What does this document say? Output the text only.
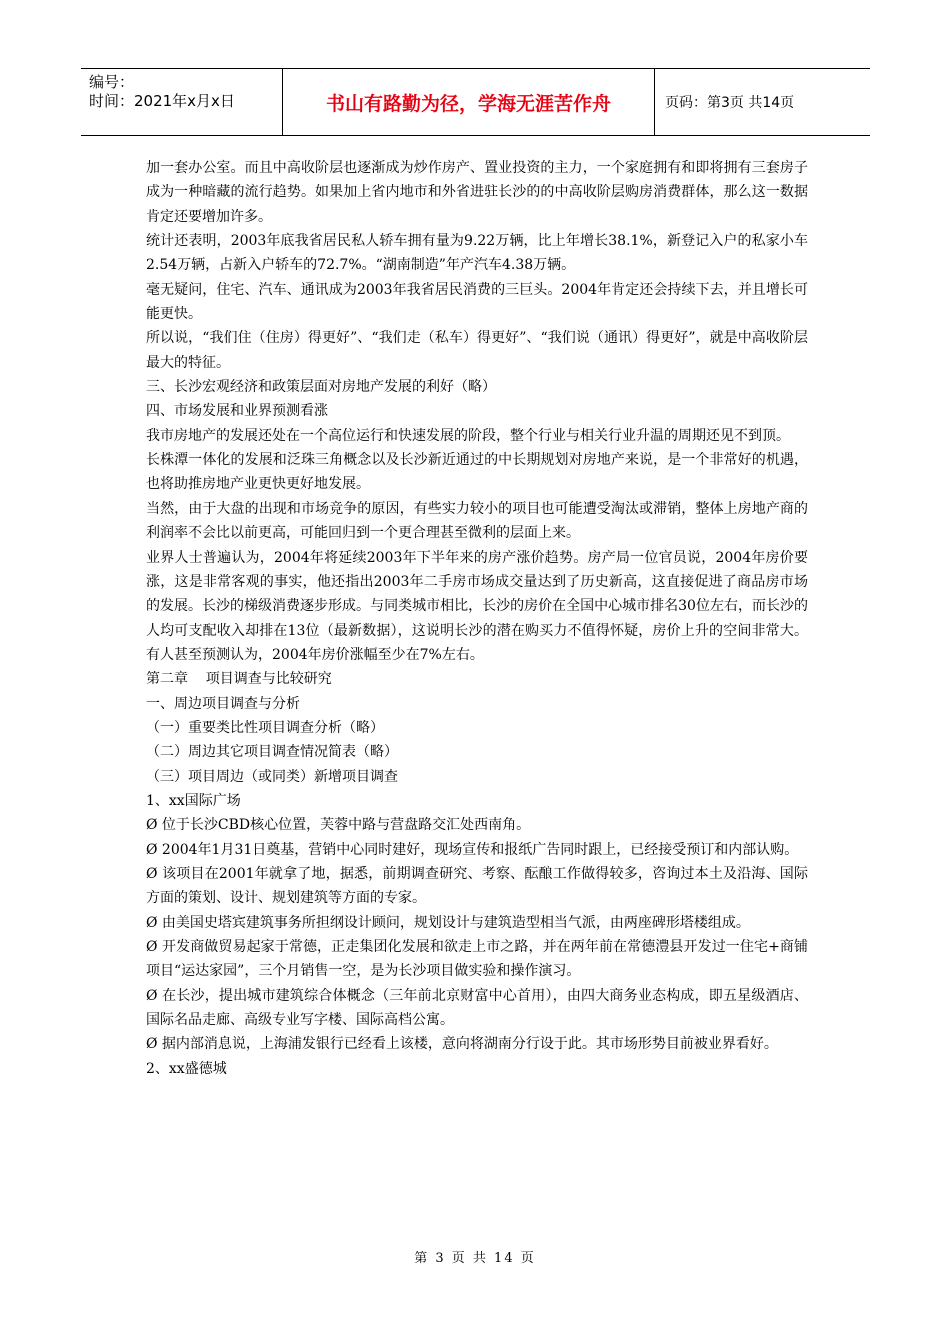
编号：
时间：2021年x月x日	书山有路勤为径，学海无涯苦作舟	页码：第3页 共14页

加一套办公室。而且中高收阶层也逐渐成为炒作房产、置业投资的主力，一个家庭拥有和即将拥有三套房子成为一种暗藏的流行趋势。如果加上省内地市和外省进驻长沙的的中高收阶层购房消费群体，那么这一数据肯定还要增加许多。

统计还表明，2003年底我省居民私人轿车拥有量为9.22万辆，比上年增长38.1%，新登记入户的私家小车2.54万辆，占新入户轿车的72.7%。“湖南制造”年产汽车4.38万辆。

毫无疑问，住宅、汽车、通讯成为2003年我省居民消费的三巨头。2004年肯定还会持续下去，并且增长可能更快。

所以说，“我们住（住房）得更好”、“我们走（私车）得更好”、“我们说（通讯）得更好”，就是中高收阶层最大的特征。

三、长沙宏观经济和政策层面对房地产发展的利好（略）

四、市场发展和业界预测看涨

我市房地产的发展还处在一个高位运行和快速发展的阶段，整个行业与相关行业升温的周期还见不到顶。

长株潭一体化的发展和泛珠三角概念以及长沙新近通过的中长期规划对房地产来说，是一个非常好的机遇，也将助推房地产业更快更好地发展。

当然，由于大盘的出现和市场竞争的原因，有些实力较小的项目也可能遭受淘汰或滞销，整体上房地产商的利润率不会比以前更高，可能回归到一个更合理甚至微利的层面上来。

业界人士普遍认为，2004年将延续2003年下半年来的房产涨价趋势。房产局一位官员说，2004年房价要涨，这是非常客观的事实，他还指出2003年二手房市场成交量达到了历史新高，这直接促进了商品房市场的发展。长沙的梯级消费逐步形成。与同类城市相比，长沙的房价在全国中心城市排名30位左右，而长沙的人均可支配收入却排在13位（最新数据），这说明长沙的潜在购买力不值得怀疑，房价上升的空间非常大。有人甚至预测认为，2004年房价涨幅至少在7%左右。

第二章    项目调查与比较研究

一、周边项目调查与分析

（一）重要类比性项目调查分析（略）

（二）周边其它项目调查情况简表（略）

（三）项目周边（或同类）新增项目调查

1、xx国际广场

Ø 位于长沙CBD核心位置，芙蓉中路与营盘路交汇处西南角。

Ø 2004年1月31日奠基，营销中心同时建好，现场宣传和报纸广告同时跟上，已经接受预订和内部认购。

Ø 该项目在2001年就拿了地，据悉，前期调查研究、考察、酝酿工作做得较多，咨询过本土及沿海、国际方面的策划、设计、规划建筑等方面的专家。

Ø 由美国史塔宾建筑事务所担纲设计顾问，规划设计与建筑造型相当气派，由两座碑形塔楼组成。

Ø 开发商做贸易起家于常德，正走集团化发展和欲走上市之路，并在两年前在常德澧县开发过一住宅+商铺项目“运达家园”，三个月销售一空，是为长沙项目做实验和操作演习。

Ø 在长沙，提出城市建筑综合体概念（三年前北京财富中心首用），由四大商务业态构成，即五星级酒店、国际名品走廊、高级专业写字楼、国际高档公寓。

Ø 据内部消息说，上海浦发银行已经看上该楼，意向将湖南分行设于此。其市场形势目前被业界看好。

2、xx盛德城

第 3 页 共 14 页
